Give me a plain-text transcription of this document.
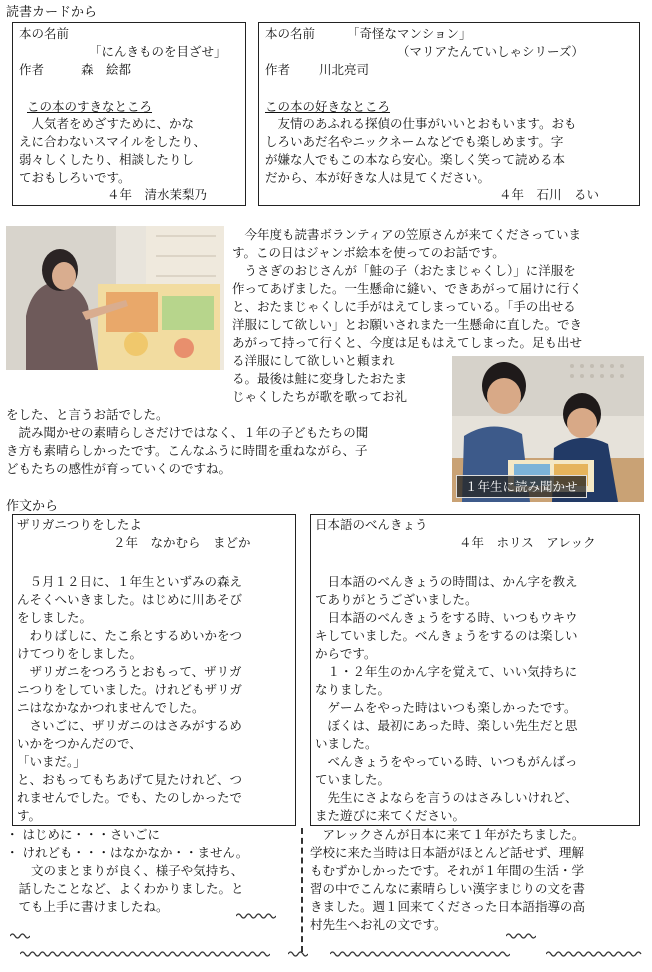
読書カードから
本の名前
「にんきものを目ざせ」
作者	森　絵都
この本のすきなところ
　人気者をめざすために、かな
えに合わないスマイルをしたり、
弱々しくしたり、相談したりし
ておもしろいです。
４年　清水茉梨乃
本の名前	「奇怪なマンション」
（マリアたんていしゃシリーズ）
作者 川北亮司
この本の好きなところ
　友情のあふれる探偵の仕事がいいとおもいます。おも
しろいあだ名やニックネームなどでも楽しめます。字
が嫌な人でもこの本なら安心。楽しく笑って読める本
だから、本が好きな人は見てください。
４年　石川　るい
　今年度も読書ボランティアの笠原さんが来てくださっていま
す。この日はジャンボ絵本を使ってのお話です。
　うさぎのおじさんが「鮭の子（おたまじゃくし）」に洋服を
作ってあげました。一生懸命に縫い、できあがって届けに行く
と、おたまじゃくしに手がはえてしまっている。「手の出せる
洋服にして欲しい」とお願いされまた一生懸命に直した。でき
あがって持って行くと、今度は足もはえてしまった。足も出せ
る洋服にして欲しいと頼まれ
る。最後は鮭に変身したおたま
じゃくしたちが歌を歌ってお礼
をした、と言うお話でした。
　読み聞かせの素晴らしさだけではなく、１年の子どもたちの聞
き方も素晴らしかったです。こんなふうに時間を重ねながら、子
どもたちの感性が育っていくのですね。
１年生に読み聞かせ
作文から
ザリガニつりをしたよ
２年　なかむら　まどか

　５月１２日に、１年生といずみの森え
んそくへいきました。はじめに川あそび
をしました。
　わりばしに、たこ糸とするめいかをつ
けてつりをしました。
　ザリガニをつろうとおもって、ザリガ
ニつりをしていました。けれどもザリガ
ニはなかなかつれませんでした。
　さいごに、ザリガニのはさみがするめ
いかをつかんだので、
「いまだ。」
と、おもってもちあげて見たけれど、つ
れませんでした。でも、たのしかったで
す。
日本語のべんきょう
４年　ホリス　アレック

　日本語のべんきょうの時間は、かん字を教え
てありがとうございました。
　日本語のべんきょうをする時、いつもウキウ
キしていました。べんきょうをするのは楽しい
からです。
　１・２年生のかん字を覚えて、いい気持ちに
なりました。
　ゲームをやった時はいつも楽しかったです。
　ぼくは、最初にあった時、楽しい先生だと思
いました。
　べんきょうをやっている時、いつもがんばっ
ていました。
　先生にさよならを言うのはさみしいけれど、
また遊びに来てください。
・ はじめに・・・さいごに
・ けれども・・・はなかなか・・ません。
　　文のまとまりが良く、様子や気持ち、
　話したことなど、よくわかりました。と
　ても上手に書けましたね。
　アレックさんが日本に来て１年がたちました。
学校に来た当時は日本語がほとんど話せず、理解
もむずかしかったです。それが１年間の生活・学
習の中でこんなに素晴らしい漢字まじりの文を書
きました。週１回来てくださった日本語指導の高
村先生へお礼の文です。
